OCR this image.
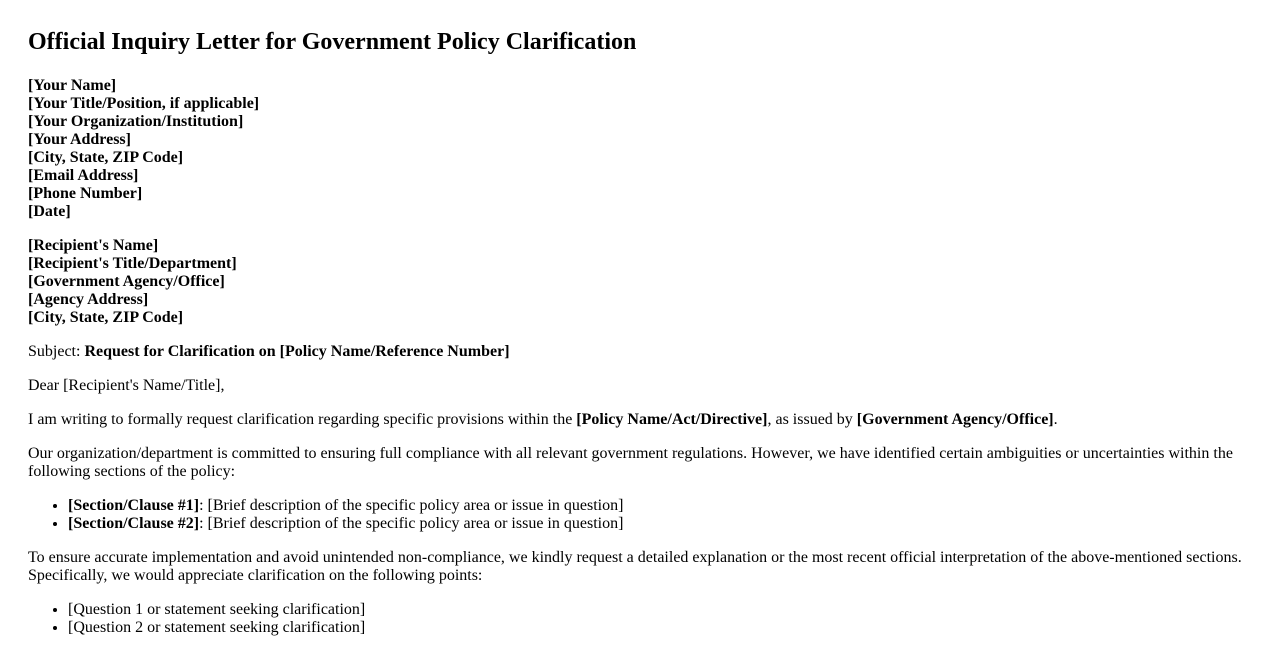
Official Inquiry Letter for Government Policy Clarification
[Your Name]
[Your Title/Position, if applicable]
[Your Organization/Institution]
[Your Address]
[City, State, ZIP Code]
[Email Address]
[Phone Number]
[Date]
[Recipient's Name]
[Recipient's Title/Department]
[Government Agency/Office]
[Agency Address]
[City, State, ZIP Code]

Subject: Request for Clarification on [Policy Name/Reference Number]

Dear [Recipient's Name/Title],

I am writing to formally request clarification regarding specific provisions within the [Policy Name/Act/Directive], as issued by [Government Agency/Office].

Our organization/department is committed to ensuring full compliance with all relevant government regulations. However, we have identified certain ambiguities or uncertainties within the following sections of the policy:

• [Section/Clause #1]: [Brief description of the specific policy area or issue in question]
• [Section/Clause #2]: [Brief description of the specific policy area or issue in question]

To ensure accurate implementation and avoid unintended non-compliance, we kindly request a detailed explanation or the most recent official interpretation of the above-mentioned sections. Specifically, we would appreciate clarification on the following points:

• [Question 1 or statement seeking clarification]
• [Question 2 or statement seeking clarification]
